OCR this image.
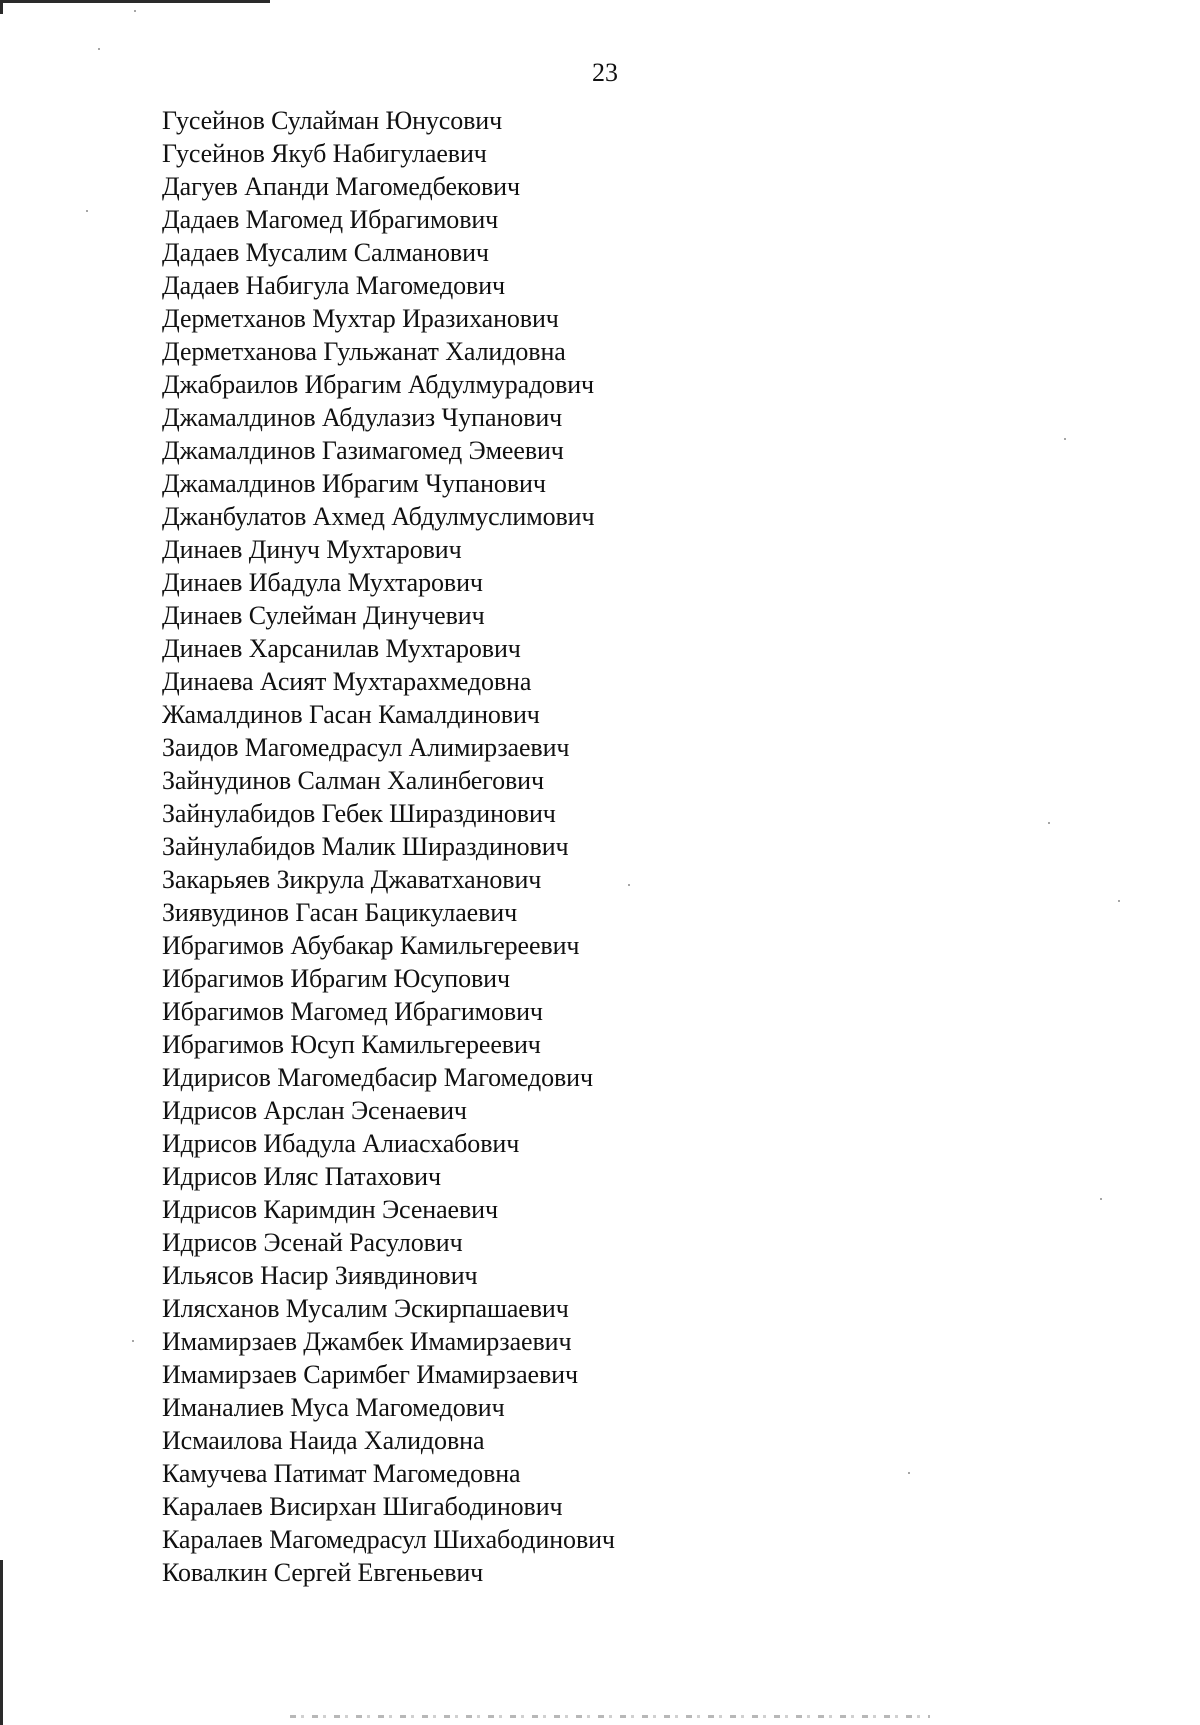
23
Гусейнов Сулайман Юнусович
Гусейнов Якуб Набигулаевич
Дагуев Апанди Магомедбекович
Дадаев Магомед Ибрагимович
Дадаев Мусалим Салманович
Дадаев Набигула Магомедович
Дерметханов Мухтар Иразиханович
Дерметханова Гульжанат Халидовна
Джабраилов Ибрагим Абдулмурадович
Джамалдинов Абдулазиз Чупанович
Джамалдинов Газимагомед Эмеевич
Джамалдинов Ибрагим Чупанович
Джанбулатов Ахмед Абдулмуслимович
Динаев Динуч Мухтарович
Динаев Ибадула Мухтарович
Динаев Сулейман Динучевич
Динаев Харсанилав Мухтарович
Динаева Асият Мухтарахмедовна
Жамалдинов Гасан Камалдинович
Заидов Магомедрасул Алимирзаевич
Зайнудинов Салман Халинбегович
Зайнулабидов Гебек Шираздинович
Зайнулабидов Малик Шираздинович
Закарьяев Зикрула Джаватханович
Зиявудинов Гасан Бацикулаевич
Ибрагимов Абубакар Камильгереевич
Ибрагимов Ибрагим Юсупович
Ибрагимов Магомед Ибрагимович
Ибрагимов Юсуп Камильгереевич
Идирисов Магомедбасир Магомедович
Идрисов Арслан Эсенаевич
Идрисов Ибадула Алиасхабович
Идрисов Иляс Патахович
Идрисов Каримдин Эсенаевич
Идрисов Эсенай Расулович
Ильясов Насир Зиявдинович
Илясханов Мусалим Эскирпашаевич
Имамирзаев Джамбек Имамирзаевич
Имамирзаев Саримбег Имамирзаевич
Иманалиев Муса Магомедович
Исмаилова Наида Халидовна
Камучева Патимат Магомедовна
Каралаев Висирхан Шигабодинович
Каралаев Магомедрасул Шихабодинович
Ковалкин Сергей Евгеньевич
